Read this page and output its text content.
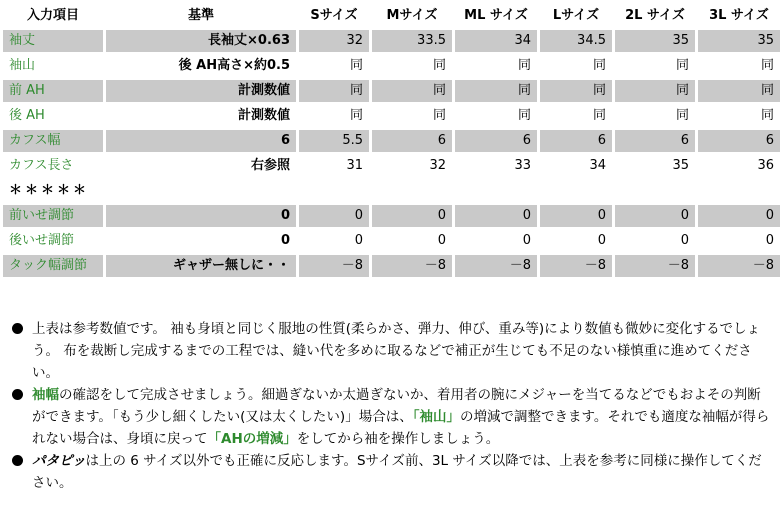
入力項目	基準	Sサイズ	Mサイズ	ML サイズ	Lサイズ	2L サイズ	3L サイズ
袖丈	長袖丈×0.63	32	33.5	34	34.5	35	35
袖山	後 AH高さ×約0.5	同	同	同	同	同	同
前 AH	計測数値	同	同	同	同	同	同
後 AH	計測数値	同	同	同	同	同	同
カフス幅	6	5.5	6	6	6	6	6
カフス長さ	右参照	31	32	33	34	35	36
＊＊＊＊＊							
前いせ調節	0	0	0	0	0	0	0
後いせ調節	0	0	0	0	0	0	0
タック幅調節	ギャザー無しに・・	－8	－8	－8	－8	－8	－8

上表は参考数値です。 袖も身頃と同じく服地の性質(柔らかさ、弾力、伸び、重み等)により数値も微妙に変化するでしょう。 布を裁断し完成するまでの工程では、縫い代を多めに取るなどで補正が生じても不足のない様慎重に進めてください。

袖幅の確認をして完成させましょう。細過ぎないか太過ぎないか、着用者の腕にメジャーを当てるなどでもおよその判断ができます。「もう少し細くしたい(又は太くしたい)」場合は、「袖山」の増減で調整できます。それでも適度な袖幅が得られない場合は、身頃に戻って「AHの増減」をしてから袖を操作しましょう。

パタピッは上の 6 サイズ以外でも正確に反応します。Sサイズ前、3L サイズ以降では、上表を参考に同様に操作してください。
